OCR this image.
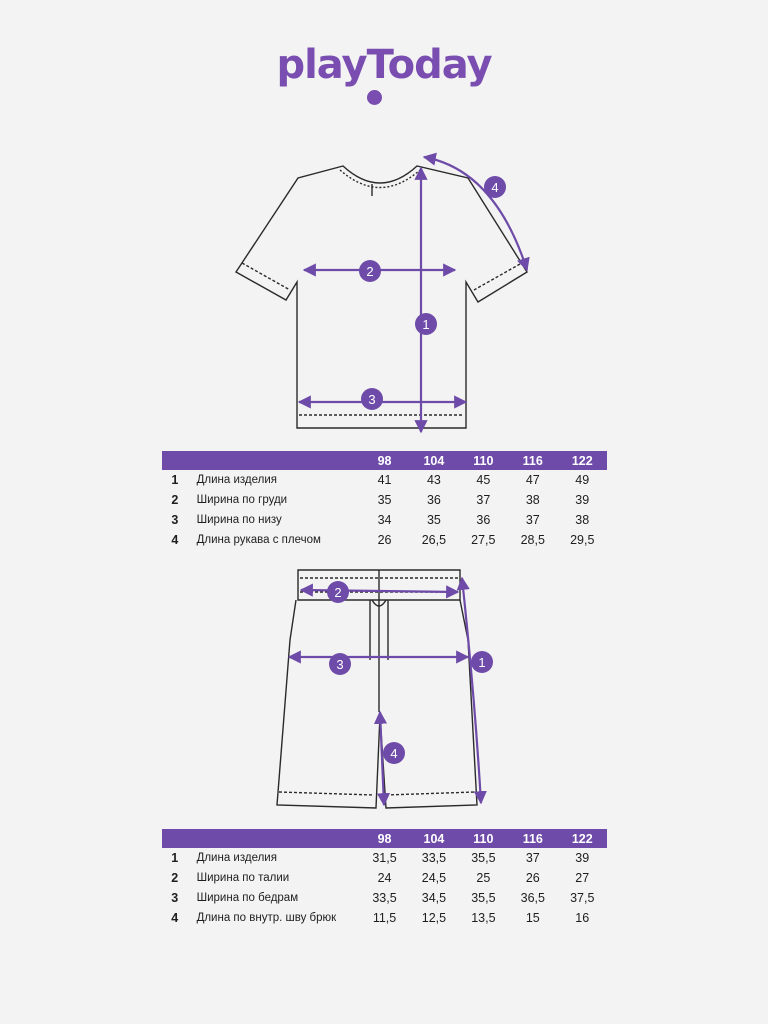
playToday
1
2
3
4
		98	104	110	116	122
1	Длина изделия	41	43	45	47	49
2	Ширина по груди	35	36	37	38	39
3	Ширина по низу	34	35	36	37	38
4	Длина рукава с плечом	26	26,5	27,5	28,5	29,5
1
2
3
4
		98	104	110	116	122
1	Длина изделия	31,5	33,5	35,5	37	39
2	Ширина по талии	24	24,5	25	26	27
3	Ширина по бедрам	33,5	34,5	35,5	36,5	37,5
4	Длина по внутр. шву брюк	11,5	12,5	13,5	15	16
